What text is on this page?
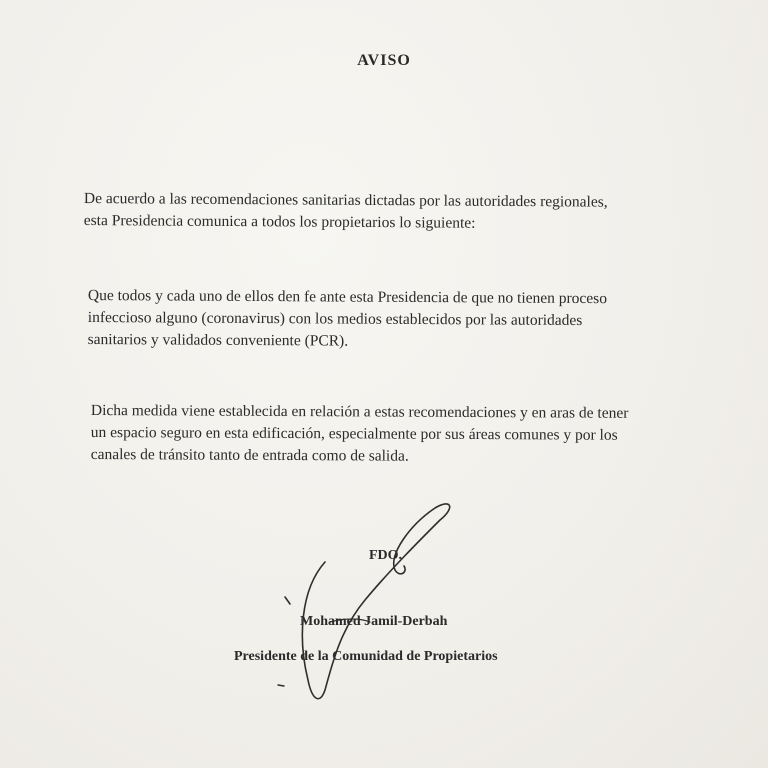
AVISO
De acuerdo a las recomendaciones sanitarias dictadas por las autoridades regionales,
esta Presidencia comunica a todos los propietarios lo siguiente:
Que todos y cada uno de ellos den fe ante esta Presidencia de que no tienen proceso
infeccioso alguno (coronavirus) con los medios establecidos por las autoridades
sanitarios y validados conveniente (PCR).
Dicha medida viene establecida en relación a estas recomendaciones y en aras de tener
un espacio seguro en esta edificación, especialmente por sus áreas comunes y por los
canales de tránsito tanto de entrada como de salida.
FDO.
Mohamed Jamil-Derbah
Presidente de la Comunidad de Propietarios
